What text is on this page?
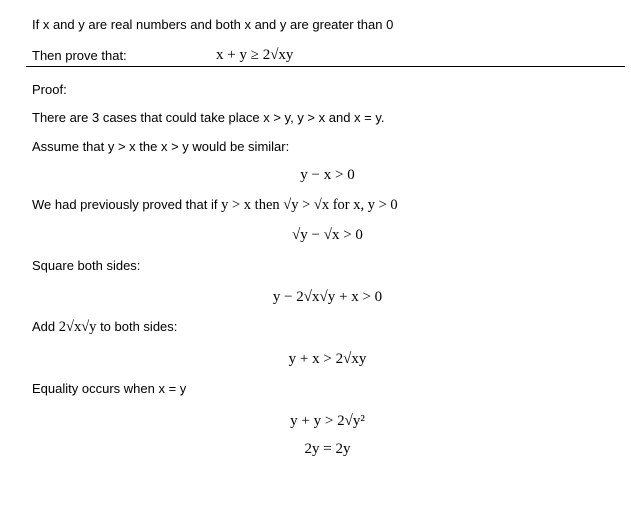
If x and y are real numbers and both x and y are greater than 0
Then prove that:	x + y ≥ 2√xy
Proof:
There are 3 cases that could take place x > y, y > x and x = y.
Assume that y > x the x > y would be similar:
y − x > 0
We had previously proved that if y > x then √y > √x for x, y > 0
√y − √x > 0
Square both sides:
y − 2√x√y + x > 0
Add 2√x√y to both sides:
y + x > 2√xy
Equality occurs when x = y
y + y > 2√y²
2y = 2y
